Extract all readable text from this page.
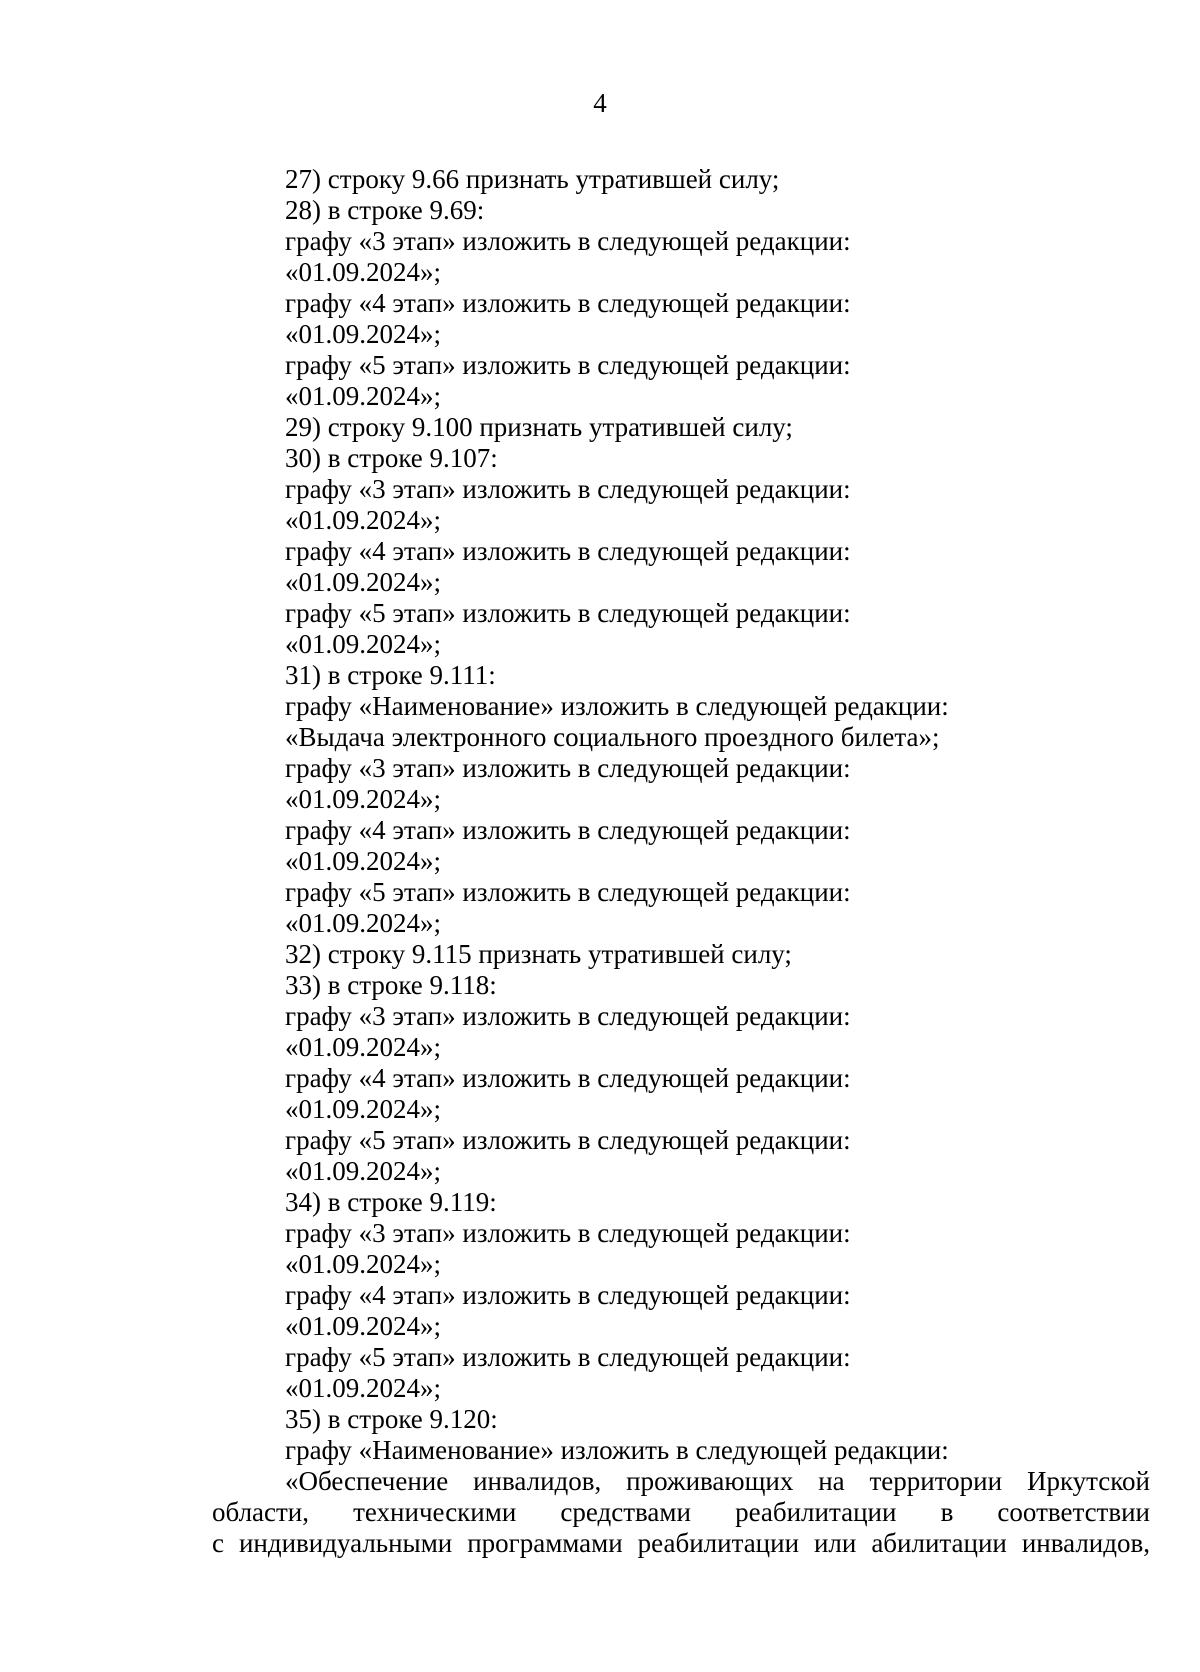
4
27) строку 9.66 признать утратившей силу;
28) в строке 9.69:
графу «3 этап» изложить в следующей редакции:
«01.09.2024»;
графу «4 этап» изложить в следующей редакции:
«01.09.2024»;
графу «5 этап» изложить в следующей редакции:
«01.09.2024»;
29) строку 9.100 признать утратившей силу;
30) в строке 9.107:
графу «3 этап» изложить в следующей редакции:
«01.09.2024»;
графу «4 этап» изложить в следующей редакции:
«01.09.2024»;
графу «5 этап» изложить в следующей редакции:
«01.09.2024»;
31) в строке 9.111:
графу «Наименование» изложить в следующей редакции:
«Выдача электронного социального проездного билета»;
графу «3 этап» изложить в следующей редакции:
«01.09.2024»;
графу «4 этап» изложить в следующей редакции:
«01.09.2024»;
графу «5 этап» изложить в следующей редакции:
«01.09.2024»;
32) строку 9.115 признать утратившей силу;
33) в строке 9.118:
графу «3 этап» изложить в следующей редакции:
«01.09.2024»;
графу «4 этап» изложить в следующей редакции:
«01.09.2024»;
графу «5 этап» изложить в следующей редакции:
«01.09.2024»;
34) в строке 9.119:
графу «3 этап» изложить в следующей редакции:
«01.09.2024»;
графу «4 этап» изложить в следующей редакции:
«01.09.2024»;
графу «5 этап» изложить в следующей редакции:
«01.09.2024»;
35) в строке 9.120:
графу «Наименование» изложить в следующей редакции:
«Обеспечение инвалидов, проживающих на территории Иркутской
области, техническими средствами реабилитации в соответствии
с индивидуальными программами реабилитации или абилитации инвалидов,
